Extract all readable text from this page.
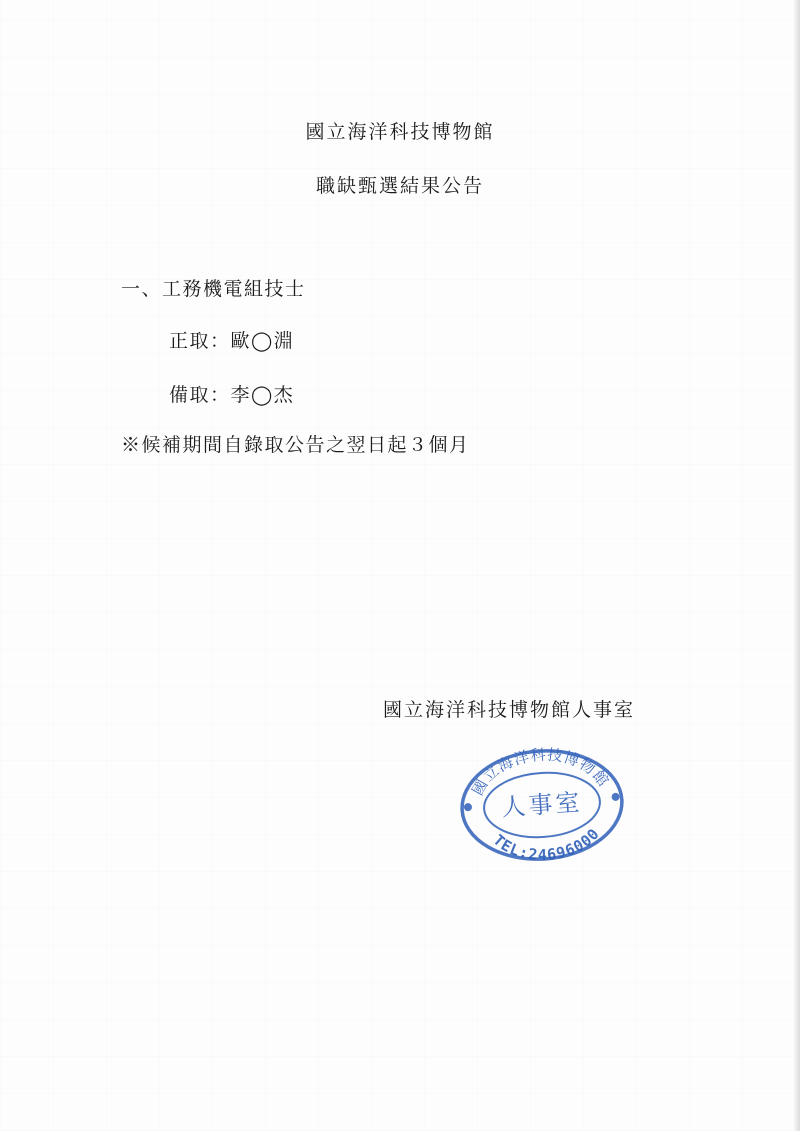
國立海洋科技博物館
職缺甄選結果公告
一、工務機電組技士
正取：歐◯淵
備取：李◯杰
※候補期間自錄取公告之翌日起３個月
國立海洋科技博物館人事室
國立海洋科技博物館
人事室
TEL:24696000
